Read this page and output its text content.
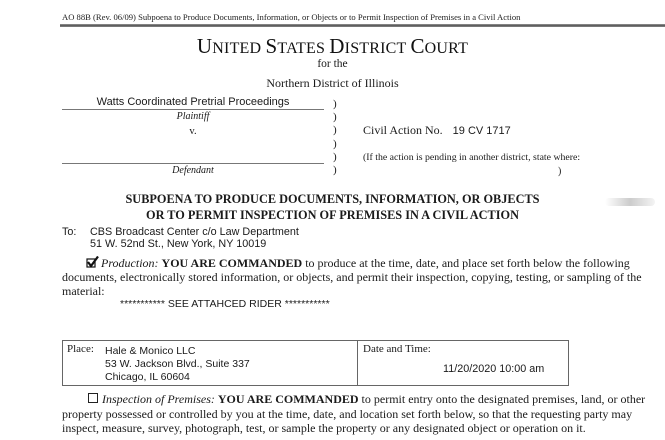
AO 88B (Rev. 06/09) Subpoena to Produce Documents, Information, or Objects or to Permit Inspection of Premises in a Civil Action
UNITED STATES DISTRICT COURT
for the
Northern District of Illinois
Watts Coordinated Pretrial Proceedings
Plaintiff
v.
Defendant
)
)
)
)
)
)
Civil Action No. 19 CV 1717
(If the action is pending in another district, state where:
)
SUBPOENA TO PRODUCE DOCUMENTS, INFORMATION, OR OBJECTS
OR TO PERMIT INSPECTION OF PREMISES IN A CIVIL ACTION
To: CBS Broadcast Center c/o Law Department
51 W. 52nd St., New York, NY 10019
Production: YOU ARE COMMANDED to produce at the time, date, and place set forth below the following documents, electronically stored information, or objects, and permit their inspection, copying, testing, or sampling of the material:
*********** SEE ATTAHCED RIDER ***********
Place: Hale & Monico LLC
53 W. Jackson Blvd., Suite 337
Chicago, IL 60604
Date and Time:
11/20/2020 10:00 am
Inspection of Premises: YOU ARE COMMANDED to permit entry onto the designated premises, land, or other property possessed or controlled by you at the time, date, and location set forth below, so that the requesting party may inspect, measure, survey, photograph, test, or sample the property or any designated object or operation on it.
